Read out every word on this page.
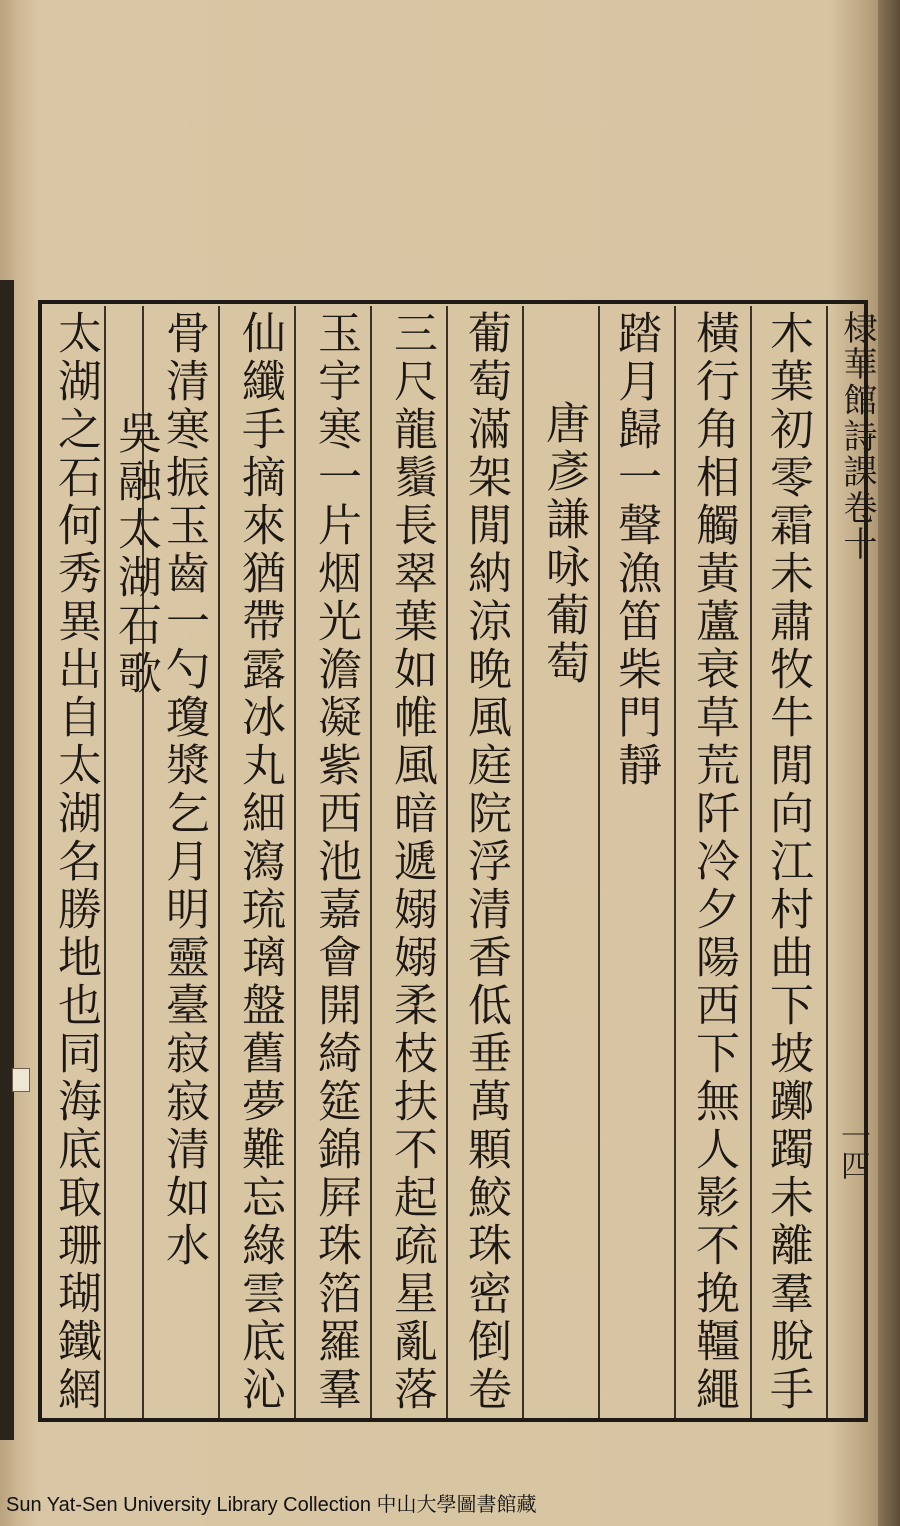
棣華館詩課卷十
一四
木葉初零霜未肅牧牛閒向江村曲下坡躑躅未離羣脫手
橫行角相觸黃蘆衰草荒阡冷夕陽西下無人影不挽韁繩
踏月歸一聲漁笛柴門靜
唐彥謙咏葡萄
葡萄滿架閒納涼晚風庭院浮清香低垂萬顆鮫珠密倒卷
三尺龍鬚長翠葉如帷風暗遞嫋嫋柔枝扶不起疏星亂落
玉宇寒一片烟光澹凝紫西池嘉會開綺筵錦屛珠箔羅羣
仙纖手摘來猶帶露冰丸細瀉琉璃盤舊夢難忘綠雲底沁
骨清寒振玉齒一勺瓊漿乞月明靈臺寂寂清如水
吳融太湖石歌
太湖之石何秀異出自太湖名勝地也同海底取珊瑚鐵網
Sun Yat-Sen University Library Collection 中山大學圖書館藏
